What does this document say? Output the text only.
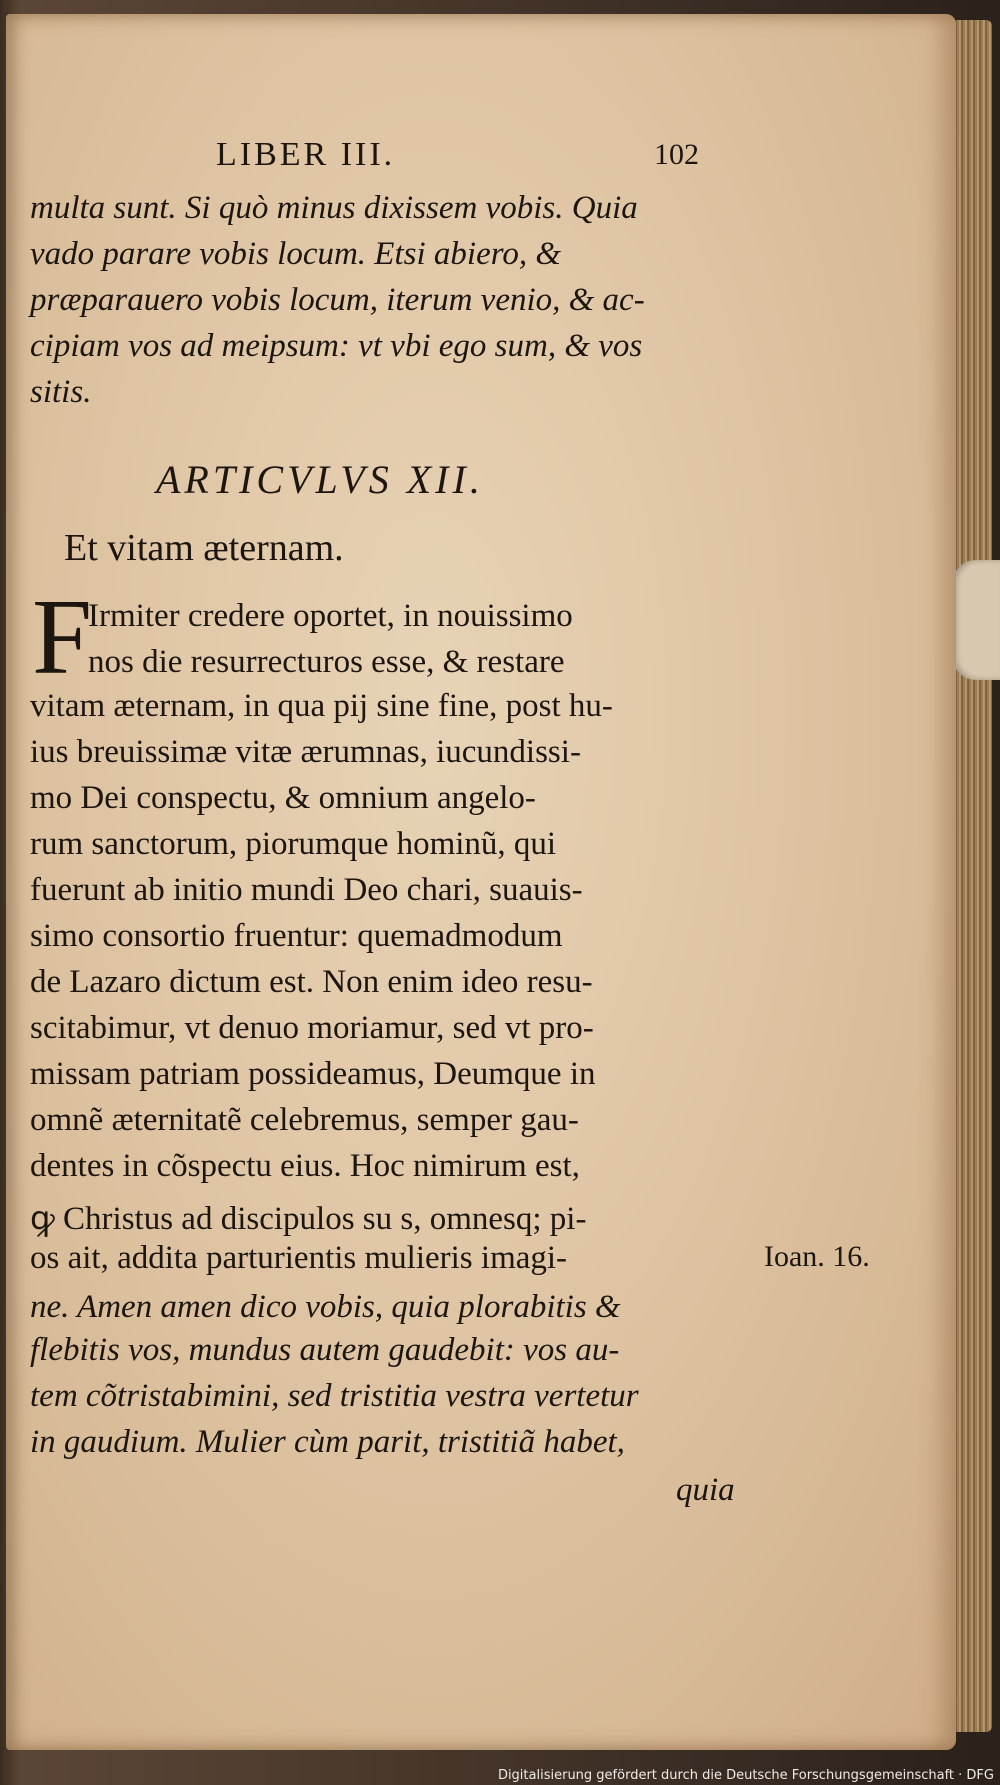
LIBER III.	102
multa sunt. Si quò minus dixissem vobis. Quia
vado parare vobis locum. Etsi abiero, &
præparauero vobis locum, iterum venio, & ac-
cipiam vos ad meipsum: vt vbi ego sum, & vos
sitis.
ARTICVLVS XII.
Et vitam æternam.
F
Irmiter credere oportet, in nouissimo
nos die resurrecturos esse, & restare
vitam æternam, in qua pij sine fine, post hu-
ius breuissimæ vitæ ærumnas, iucundissi-
mo Dei conspectu, & omnium angelo-
rum sanctorum, piorumque hominũ, qui
fuerunt ab initio mundi Deo chari, suauis-
simo consortio fruentur: quemadmodum
de Lazaro dictum est. Non enim ideo resu-
scitabimur, vt denuo moriamur, sed vt pro-
missam patriam possideamus, Deumque in
omnẽ æternitatẽ celebremus, semper gau-
dentes in cõspectu eius. Hoc nimirum est,
ꝙ Christus ad discipulos su s, omnesq; pi-
os ait, addita parturientis mulieris imagi-
ne. Amen amen dico vobis, quia plorabitis &
flebitis vos, mundus autem gaudebit: vos au-
tem cõtristabimini, sed tristitia vestra vertetur
in gaudium. Mulier cùm parit, tristitiã habet,
quia
Ioan. 16.
Digitalisierung gefördert durch die Deutsche Forschungsgemeinschaft · DFG
